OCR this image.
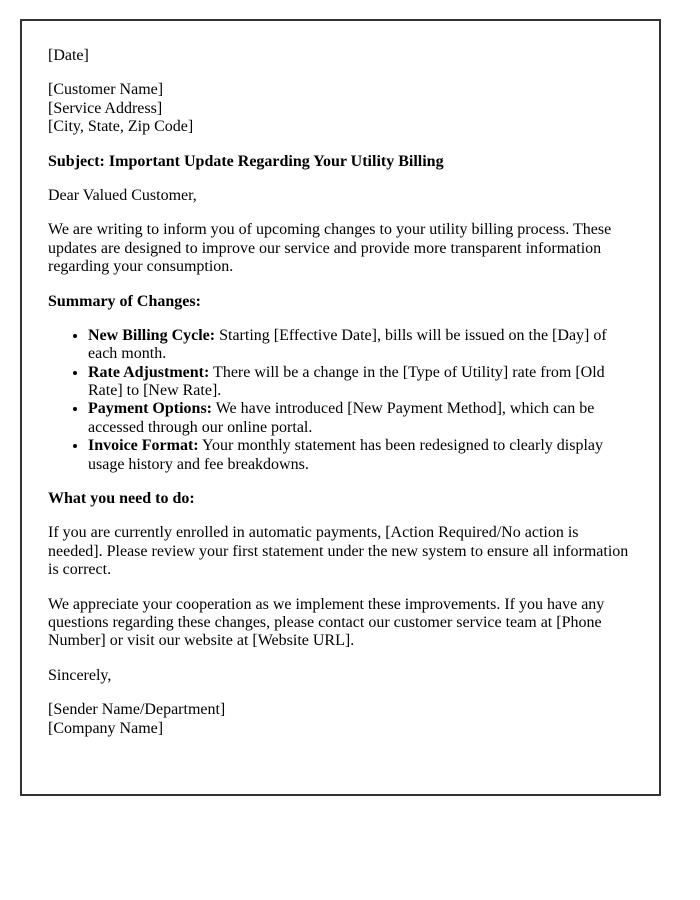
[Date]

[Customer Name]
[Service Address]
[City, State, Zip Code]

Subject: Important Update Regarding Your Utility Billing

Dear Valued Customer,

We are writing to inform you of upcoming changes to your utility billing process. These updates are designed to improve our service and provide more transparent information regarding your consumption.

Summary of Changes:

• New Billing Cycle: Starting [Effective Date], bills will be issued on the [Day] of each month.
• Rate Adjustment: There will be a change in the [Type of Utility] rate from [Old Rate] to [New Rate].
• Payment Options: We have introduced [New Payment Method], which can be accessed through our online portal.
• Invoice Format: Your monthly statement has been redesigned to clearly display usage history and fee breakdowns.

What you need to do:

If you are currently enrolled in automatic payments, [Action Required/No action is needed]. Please review your first statement under the new system to ensure all information is correct.

We appreciate your cooperation as we implement these improvements. If you have any questions regarding these changes, please contact our customer service team at [Phone Number] or visit our website at [Website URL].

Sincerely,

[Sender Name/Department]
[Company Name]
